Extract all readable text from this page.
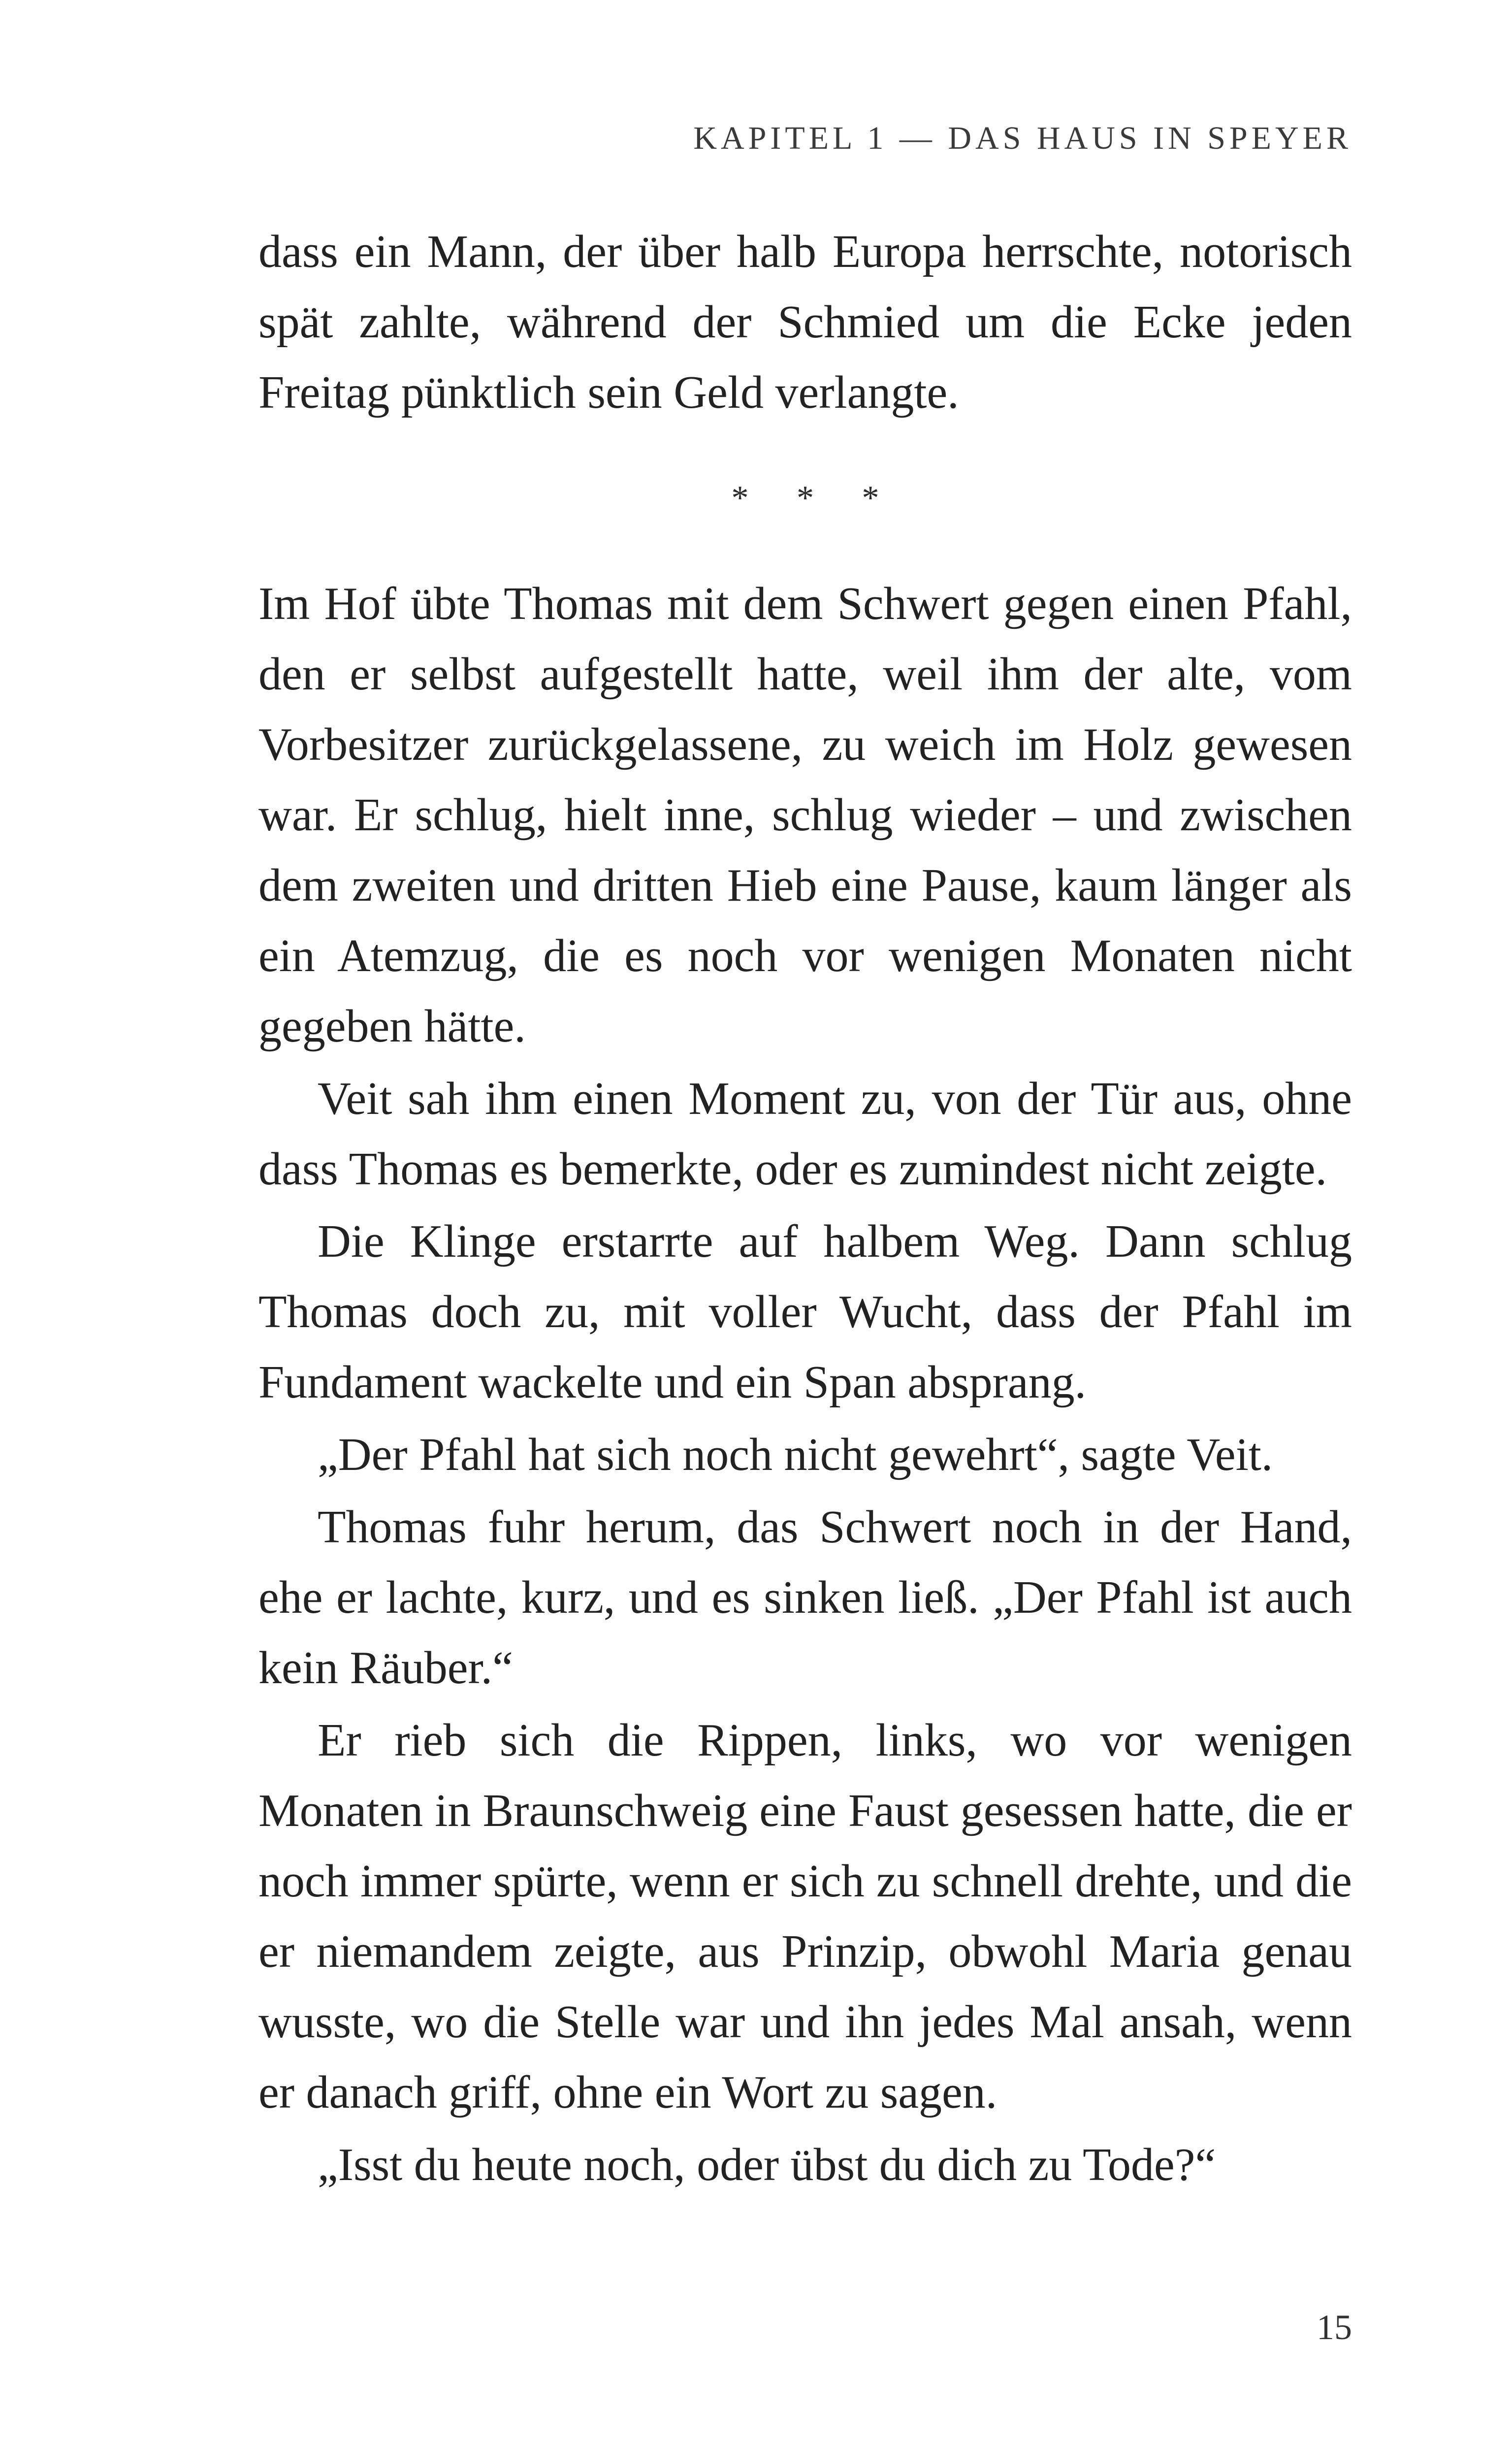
KAPITEL 1 — DAS HAUS IN SPEYER

dass ein Mann, der über halb Europa herrschte, notorisch spät zahlte, während der Schmied um die Ecke jeden Freitag pünktlich sein Geld verlangte.

* * *

Im Hof übte Thomas mit dem Schwert gegen einen Pfahl, den er selbst aufgestellt hatte, weil ihm der alte, vom Vorbesitzer zurückgelassene, zu weich im Holz gewesen war. Er schlug, hielt inne, schlug wieder – und zwischen dem zweiten und dritten Hieb eine Pause, kaum länger als ein Atemzug, die es noch vor wenigen Monaten nicht gegeben hätte.

Veit sah ihm einen Moment zu, von der Tür aus, ohne dass Thomas es bemerkte, oder es zumindest nicht zeigte.

Die Klinge erstarrte auf halbem Weg. Dann schlug Thomas doch zu, mit voller Wucht, dass der Pfahl im Fundament wackelte und ein Span absprang.

„Der Pfahl hat sich noch nicht gewehrt“, sagte Veit.

Thomas fuhr herum, das Schwert noch in der Hand, ehe er lachte, kurz, und es sinken ließ. „Der Pfahl ist auch kein Räuber.“

Er rieb sich die Rippen, links, wo vor wenigen Monaten in Braunschweig eine Faust gesessen hatte, die er noch immer spürte, wenn er sich zu schnell drehte, und die er niemandem zeigte, aus Prinzip, obwohl Maria genau wusste, wo die Stelle war und ihn jedes Mal ansah, wenn er danach griff, ohne ein Wort zu sagen.

„Isst du heute noch, oder übst du dich zu Tode?“

15
